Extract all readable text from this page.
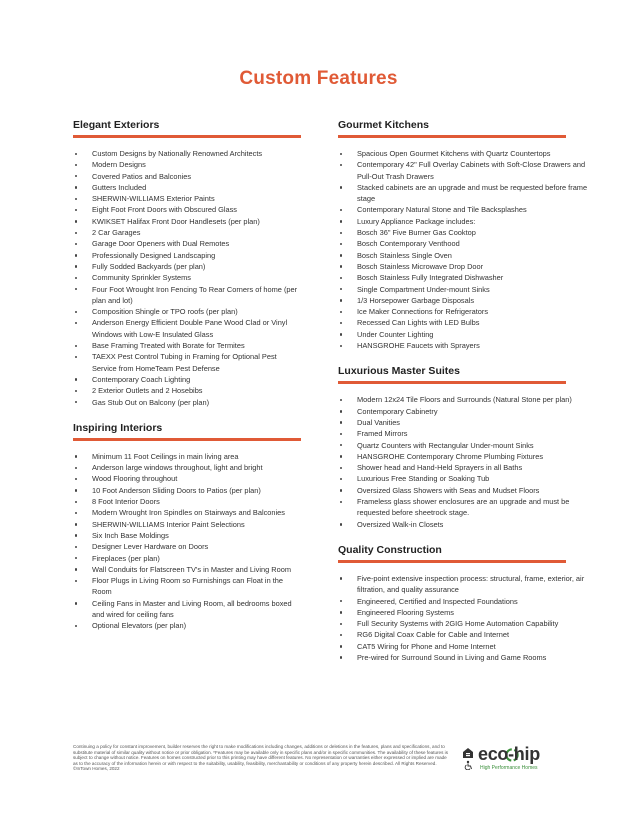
Custom Features
Elegant Exteriors
Custom Designs by Nationally Renowned Architects
Modern Designs
Covered Patios and Balconies
Gutters Included
SHERWIN-WILLIAMS Exterior Paints
Eight Foot Front Doors with Obscured Glass
KWIKSET Halifax Front Door Handlesets (per plan)
2 Car Garages
Garage Door Openers with Dual Remotes
Professionally Designed Landscaping
Fully Sodded Backyards (per plan)
Community Sprinkler Systems
Four Foot Wrought Iron Fencing To Rear Corners of home (per plan and lot)
Composition Shingle or TPO roofs (per plan)
Anderson Energy Efficient Double Pane Wood Clad or Vinyl Windows with Low-E Insulated Glass
Base Framing Treated with Borate for Termites
TAEXX Pest Control Tubing in Framing for Optional Pest Service from HomeTeam Pest Defense
Contemporary Coach Lighting
2 Exterior Outlets and 2 Hosebibs
Gas Stub Out on Balcony (per plan)
Inspiring Interiors
Minimum 11 Foot Ceilings in main living area
Anderson large windows throughout, light and bright
Wood Flooring throughout
10 Foot Anderson Sliding Doors to Patios (per plan)
8 Foot Interior Doors
Modern Wrought Iron Spindles on Stairways and Balconies
SHERWIN-WILLIAMS Interior Paint Selections
Six Inch Base Moldings
Designer Lever Hardware on Doors
Fireplaces (per plan)
Wall Conduits for Flatscreen TV's in Master and Living Room
Floor Plugs in Living Room so Furnishings can Float in the Room
Ceiling Fans in Master and Living Room, all bedrooms boxed and wired for ceiling fans
Optional Elevators (per plan)
Gourmet Kitchens
Spacious Open Gourmet Kitchens with Quartz Countertops
Contemporary 42" Full Overlay Cabinets with Soft-Close Drawers and Pull-Out Trash Drawers
Stacked cabinets are an upgrade and must be requested before frame stage
Contemporary Natural Stone and Tile Backsplashes
Luxury Appliance Package includes:
Bosch 36" Five Burner Gas Cooktop
Bosch Contemporary Venthood
Bosch Stainless Single Oven
Bosch Stainless Microwave Drop Door
Bosch Stainless Fully Integrated Dishwasher
Single Compartment Under-mount Sinks
1/3 Horsepower Garbage Disposals
Ice Maker Connections for Refrigerators
Recessed Can Lights with LED Bulbs
Under Counter Lighting
HANSGROHE Faucets with Sprayers
Luxurious Master Suites
Modern 12x24 Tile Floors and Surrounds (Natural Stone per plan)
Contemporary Cabinetry
Dual Vanities
Framed Mirrors
Quartz Counters with Rectangular Under-mount Sinks
HANSGROHE Contemporary Chrome Plumbing Fixtures
Shower head and Hand-Held Sprayers in all Baths
Luxurious Free Standing or Soaking Tub
Oversized Glass Showers with Seas and Mudset Floors
Frameless glass shower enclosures are an upgrade and must be requested before sheetrock stage.
Oversized Walk-in Closets
Quality Construction
Five-point extensive inspection process: structural, frame, exterior, air filtration, and quality assurance
Engineered, Certified and Inspected Foundations
Engineered Flooring Systems
Full Security Systems with 2GIG Home Automation Capability
RG6 Digital Coax Cable for Cable and Internet
CAT5 Wiring for Phone and Home Internet
Pre-wired for Surround Sound in Living and Game Rooms
Continuing a policy for constant improvement, builder reserves the right to make modifications including changes, additions or deletions in the features, plans and specifications, and to substitute material of similar quality without notice or prior obligation. *Features may be available only in specific plans and/or in specific communities. The availability of these features is subject to change without notice. Features on homes constructed prior to this printing may have different features. No representation or warranties either expressed or implied are made as to the accuracy of the information herein or with respect to the suitability, usability, feasibility, merchantability or conditions of any property herein described. All Rights Reserved. ©InTown Homes, 2022
eco-hip
High Performance Homes
